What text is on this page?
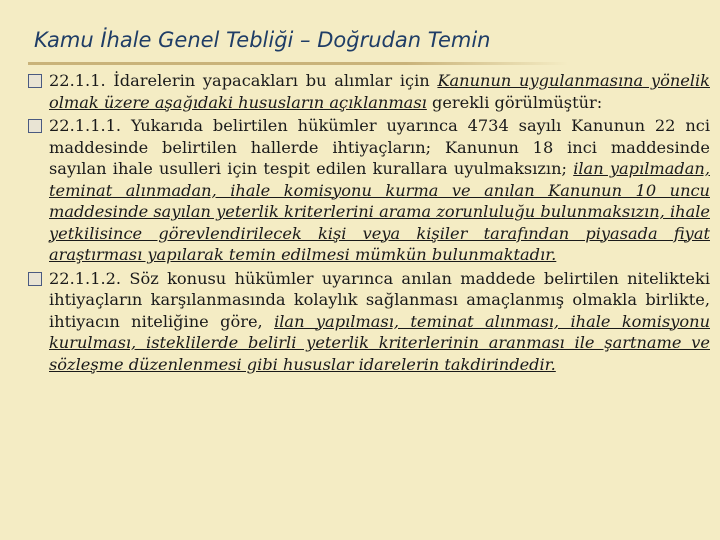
Kamu İhale Genel Tebliği – Doğrudan Temin

22.1.1. İdarelerin yapacakları bu alımlar için Kanunun uygulanmasına yönelik olmak üzere aşağıdaki hususların açıklanması gerekli görülmüştür:

22.1.1.1. Yukarıda belirtilen hükümler uyarınca 4734 sayılı Kanunun 22 nci maddesinde belirtilen hallerde ihtiyaçların; Kanunun 18 inci maddesinde sayılan ihale usulleri için tespit edilen kurallara uyulmaksızın; ilan yapılmadan, teminat alınmadan, ihale komisyonu kurma ve anılan Kanunun 10 uncu maddesinde sayılan yeterlik kriterlerini arama zorunluluğu bulunmaksızın, ihale yetkilisince görevlendirilecek kişi veya kişiler tarafından piyasada fiyat araştırması yapılarak temin edilmesi mümkün bulunmaktadır.

22.1.1.2. Söz konusu hükümler uyarınca anılan maddede belirtilen nitelikteki ihtiyaçların karşılanmasında kolaylık sağlanması amaçlanmış olmakla birlikte, ihtiyacın niteliğine göre, ilan yapılması, teminat alınması, ihale komisyonu kurulması, isteklilerde belirli yeterlik kriterlerinin aranması ile şartname ve sözleşme düzenlenmesi gibi hususlar idarelerin takdirindedir.
